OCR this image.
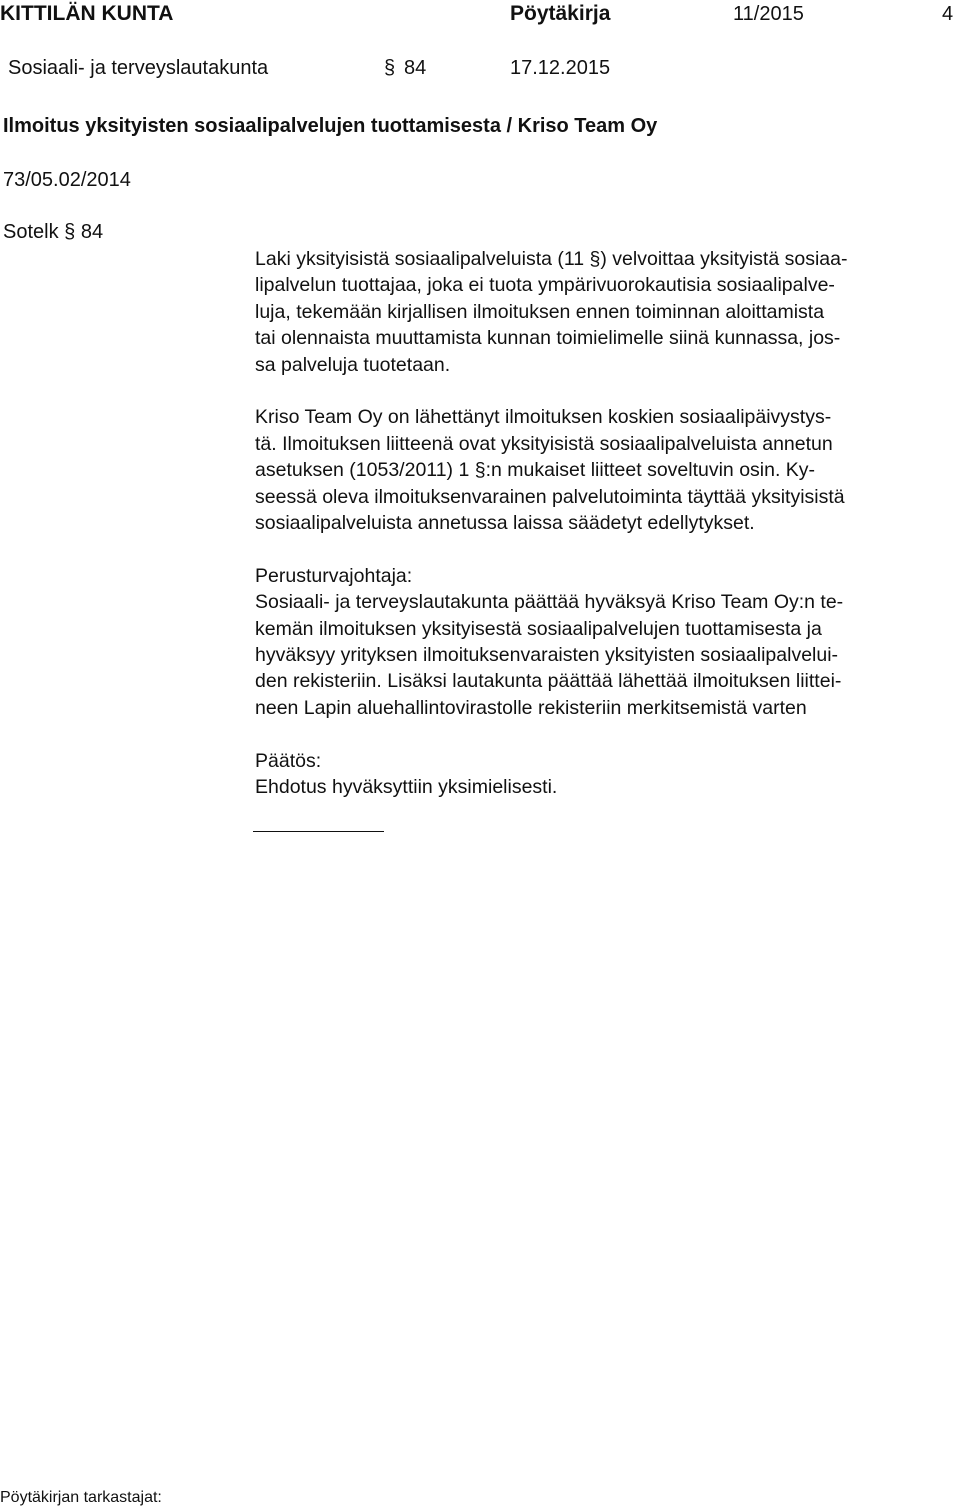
KITTILÄN KUNTA	Pöytäkirja	11/2015	4
Sosiaali- ja terveyslautakunta	§ 84	17.12.2015
Ilmoitus yksityisten sosiaalipalvelujen tuottamisesta / Kriso Team Oy
73/05.02/2014
Sotelk § 84
Laki yksityisistä sosiaalipalveluista (11 §) velvoittaa yksityistä sosiaa-
lipalvelun tuottajaa, joka ei tuota ympärivuorokautisia sosiaalipalve-
luja, tekemään kirjallisen ilmoituksen ennen toiminnan aloittamista
tai olennaista muuttamista kunnan toimielimelle siinä kunnassa, jos-
sa palveluja tuotetaan.
Kriso Team Oy on lähettänyt ilmoituksen koskien sosiaalipäivystys-
tä. Ilmoituksen liitteenä ovat yksityisistä sosiaalipalveluista annetun
asetuksen (1053/2011) 1 §:n mukaiset liitteet soveltuvin osin. Ky-
seessä oleva ilmoituksenvarainen palvelutoiminta täyttää yksityisistä
sosiaalipalveluista annetussa laissa säädetyt edellytykset.
Perusturvajohtaja:
Sosiaali- ja terveyslautakunta päättää hyväksyä Kriso Team Oy:n te-
kemän ilmoituksen yksityisestä sosiaalipalvelujen tuottamisesta ja
hyväksyy yrityksen ilmoituksenvaraisten yksityisten sosiaalipalvelui-
den rekisteriin. Lisäksi lautakunta päättää lähettää ilmoituksen liittei-
neen Lapin aluehallintovirastolle rekisteriin merkitsemistä varten
Päätös:
Ehdotus hyväksyttiin yksimielisesti.
Pöytäkirjan tarkastajat:
